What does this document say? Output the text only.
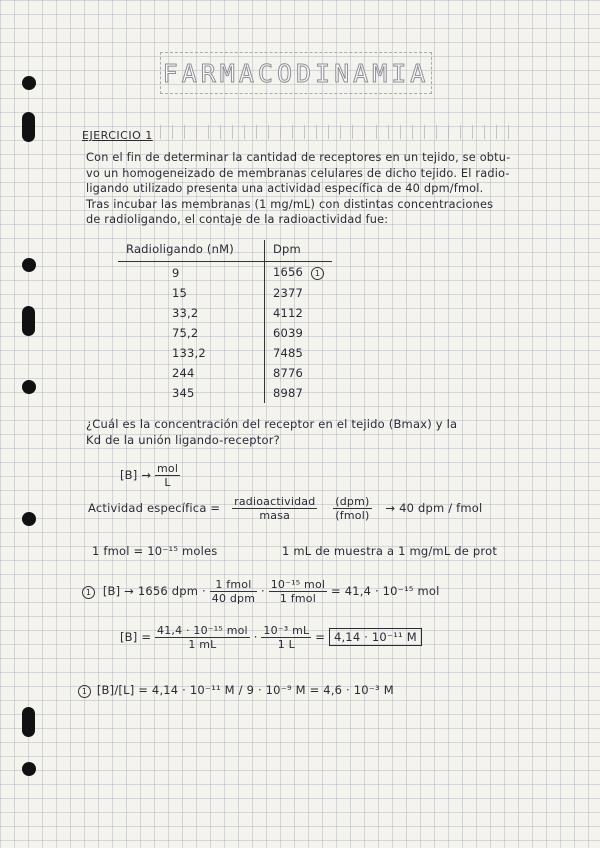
FARMACODINAMIA
EJERCICIO 1
Con el fin de determinar la cantidad de receptores en un tejido, se obtu-
vo un homogeneizado de membranas celulares de dicho tejido. El radio-
ligando utilizado presenta una actividad específica de 40 dpm/fmol.
Tras incubar las membranas (1 mg/mL) con distintas concentraciones
de radioligando, el contaje de la radioactividad fue:
Radioligando (nM)	Dpm
9	1656 1
15	2377
33,2	4112
75,2	6039
133,2	7485
244	8776
345	8987
¿Cuál es la concentración del receptor en el tejido (Bmax) y la
Kd de la unión ligando-receptor?
$[B] \to \frac{\text{mol}}{L}$
Actividad específica = $\frac{\text{radioactividad}}{\text{masa}}$
$\frac{\text{(dpm)}}{\text{(fmol)}} \to 40$ dpm / fmol
1 fmol = 10⁻¹⁵ moles	1 mL de muestra a 1 mg/mL de prot
1 [B] → 1656 dpm · $\frac{\text{1 fmol}}{\text{40 dpm}} \cdot \frac{\text{10⁻¹⁵ mol}}{\text{1 fmol}} = 41,4 \cdot 10^{-15}$ mol
$[B] = \frac{\text{41,4 · 10⁻¹⁵ mol}}{1 mL} \cdot \frac{\text{10⁻³ mL}}{1 L} = 4,14 \cdot 10^{-11}$ M
1 [B]/[L] = 4,14 · 10⁻¹¹ M / 9 · 10⁻⁹ M = 4,6 · 10⁻³ M
